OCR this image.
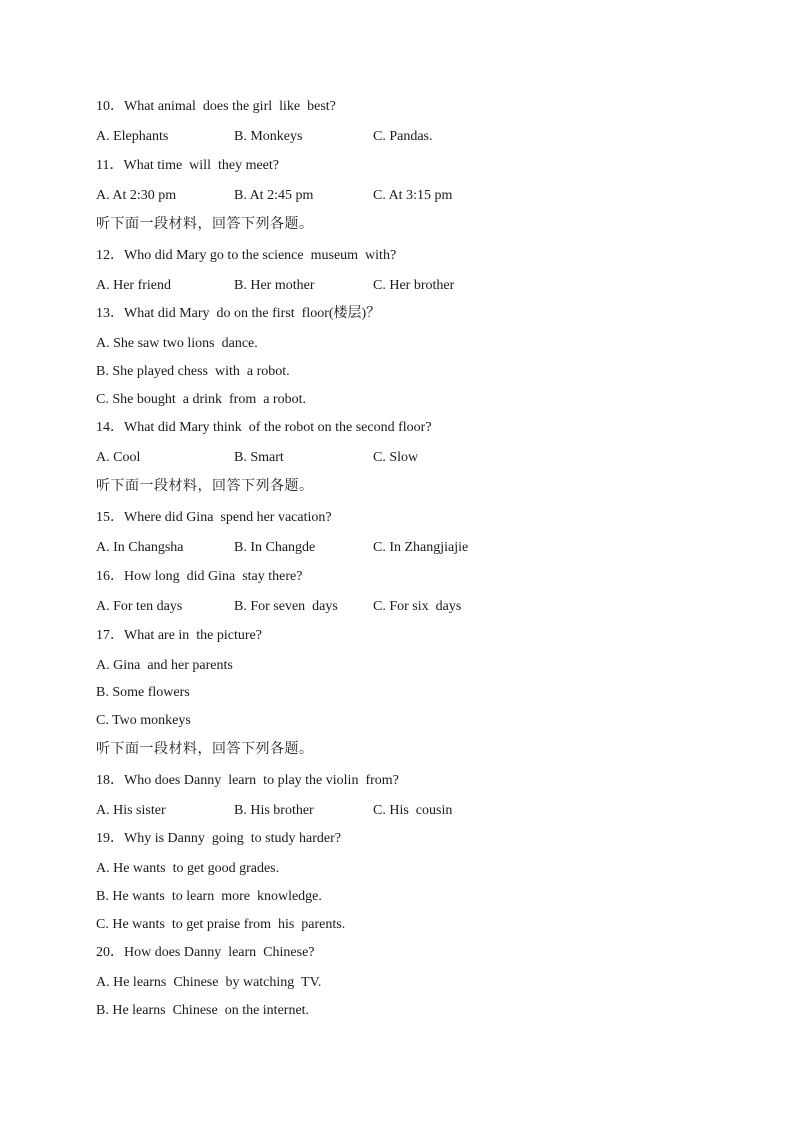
10．What animal  does the girl  like  best?
A. Elephants	B. Monkeys	C. Pandas.
11．What time  will  they meet?
A. At 2:30 pm	B. At 2:45 pm	C. At 3:15 pm
听下面一段材料，回答下列各题。
12．Who did Mary go to the science  museum  with?
A. Her friend	B. Her mother	C. Her brother
13．What did Mary  do on the first  floor(楼层)？
A. She saw two lions  dance.
B. She played chess  with  a robot.
C. She bought  a drink  from  a robot.
14．What did Mary think  of the robot on the second floor?
A. Cool	B. Smart	C. Slow
听下面一段材料，回答下列各题。
15．Where did Gina  spend her vacation?
A. In Changsha	B. In Changde	C. In Zhangjiajie
16．How long  did Gina  stay there?
A. For ten days	B. For seven  days	C. For six  days
17．What are in  the picture?
A. Gina  and her parents
B. Some flowers
C. Two monkeys
听下面一段材料，回答下列各题。
18．Who does Danny  learn  to play the violin  from?
A. His sister	B. His brother	C. His  cousin
19．Why is Danny  going  to study harder?
A. He wants  to get good grades.
B. He wants  to learn  more  knowledge.
C. He wants  to get praise from  his  parents.
20．How does Danny  learn  Chinese?
A. He learns  Chinese  by watching  TV.
B. He learns  Chinese  on the internet.
